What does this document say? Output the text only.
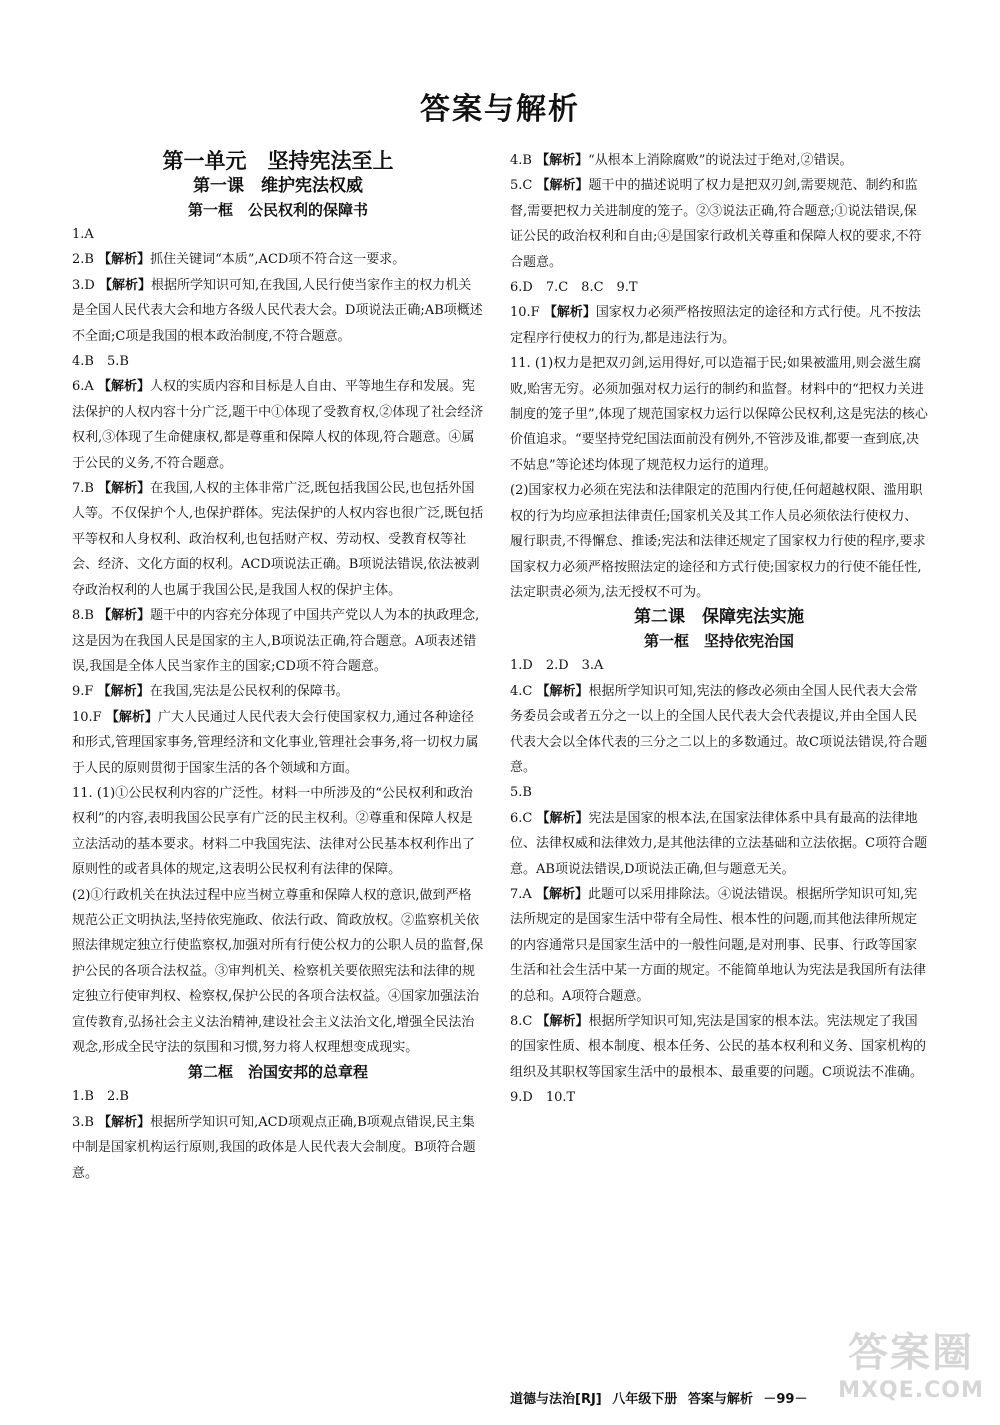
答案与解析
第一单元　坚持宪法至上
第一课　维护宪法权威
第一框　公民权利的保障书

1.A

2.B 【解析】抓住关键词“本质”,ACD项不符合这一要求。

3.D 【解析】根据所学知识可知,在我国,人民行使当家作主的权力机关是全国人民代表大会和地方各级人民代表大会。D项说法正确;AB项概述不全面;C项是我国的根本政治制度,不符合题意。

4.B　5.B

6.A 【解析】人权的实质内容和目标是人自由、平等地生存和发展。宪法保护的人权内容十分广泛,题干中①体现了受教育权,②体现了社会经济权利,③体现了生命健康权,都是尊重和保障人权的体现,符合题意。④属于公民的义务,不符合题意。

7.B 【解析】在我国,人权的主体非常广泛,既包括我国公民,也包括外国人等。不仅保护个人,也保护群体。宪法保护的人权内容也很广泛,既包括平等权和人身权利、政治权利,也包括财产权、劳动权、受教育权等社会、经济、文化方面的权利。ACD项说法正确。B项说法错误,依法被剥夺政治权利的人也属于我国公民,是我国人权的保护主体。

8.B 【解析】题干中的内容充分体现了中国共产党以人为本的执政理念,这是因为在我国人民是国家的主人,B项说法正确,符合题意。A项表述错误,我国是全体人民当家作主的国家;CD项不符合题意。

9.F 【解析】在我国,宪法是公民权利的保障书。

10.F 【解析】广大人民通过人民代表大会行使国家权力,通过各种途径和形式,管理国家事务,管理经济和文化事业,管理社会事务,将一切权力属于人民的原则贯彻于国家生活的各个领域和方面。

11. (1)①公民权利内容的广泛性。材料一中所涉及的“公民权利和政治权利”的内容,表明我国公民享有广泛的民主权利。②尊重和保障人权是立法活动的基本要求。材料二中我国宪法、法律对公民基本权利作出了原则性的或者具体的规定,这表明公民权利有法律的保障。

(2)①行政机关在执法过程中应当树立尊重和保障人权的意识,做到严格规范公正文明执法,坚持依宪施政、依法行政、简政放权。②监察机关依照法律规定独立行使监察权,加强对所有行使公权力的公职人员的监督,保护公民的各项合法权益。③审判机关、检察机关要依照宪法和法律的规定独立行使审判权、检察权,保护公民的各项合法权益。④国家加强法治宣传教育,弘扬社会主义法治精神,建设社会主义法治文化,增强全民法治观念,形成全民守法的氛围和习惯,努力将人权理想变成现实。

第二框　治国安邦的总章程

1.B　2.B

3.B 【解析】根据所学知识可知,ACD项观点正确,B项观点错误,民主集中制是国家机构运行原则,我国的政体是人民代表大会制度。B项符合题意。

4.B 【解析】“从根本上消除腐败”的说法过于绝对,②错误。

5.C 【解析】题干中的描述说明了权力是把双刃剑,需要规范、制约和监督,需要把权力关进制度的笼子。②③说法正确,符合题意;①说法错误,保证公民的政治权利和自由;④是国家行政机关尊重和保障人权的要求,不符合题意。

6.D　7.C　8.C　9.T

10.F 【解析】国家权力必须严格按照法定的途径和方式行使。凡不按法定程序行使权力的行为,都是违法行为。

11. (1)权力是把双刃剑,运用得好,可以造福于民;如果被滥用,则会滋生腐败,贻害无穷。必须加强对权力运行的制约和监督。材料中的“把权力关进制度的笼子里”,体现了规范国家权力运行以保障公民权利,这是宪法的核心价值追求。“要坚持党纪国法面前没有例外,不管涉及谁,都要一查到底,决不姑息”等论述均体现了规范权力运行的道理。

(2)国家权力必须在宪法和法律限定的范围内行使,任何超越权限、滥用职权的行为均应承担法律责任;国家机关及其工作人员必须依法行使权力、履行职责,不得懈怠、推诿;宪法和法律还规定了国家权力行使的程序,要求国家权力必须严格按照法定的途径和方式行使;国家权力的行使不能任性,法定职责必须为,法无授权不可为。

第二课　保障宪法实施
第一框　坚持依宪治国

1.D　2.D　3.A

4.C 【解析】根据所学知识可知,宪法的修改必须由全国人民代表大会常务委员会或者五分之一以上的全国人民代表大会代表提议,并由全国人民代表大会以全体代表的三分之二以上的多数通过。故C项说法错误,符合题意。

5.B

6.C 【解析】宪法是国家的根本法,在国家法律体系中具有最高的法律地位、法律权威和法律效力,是其他法律的立法基础和立法依据。C项符合题意。AB项说法错误,D项说法正确,但与题意无关。

7.A 【解析】此题可以采用排除法。④说法错误。根据所学知识可知,宪法所规定的是国家生活中带有全局性、根本性的问题,而其他法律所规定的内容通常只是国家生活中的一般性问题,是对刑事、民事、行政等国家生活和社会生活中某一方面的规定。不能简单地认为宪法是我国所有法律的总和。A项符合题意。

8.C 【解析】根据所学知识可知,宪法是国家的根本法。宪法规定了我国的国家性质、根本制度、根本任务、公民的基本权利和义务、国家机构的组织及其职权等国家生活中的最根本、最重要的问题。C项说法不准确。

9.D　10.T

道德与法治[RJ] 八年级下册 答案与解析 －99－
答案圈
MXQE.COM
